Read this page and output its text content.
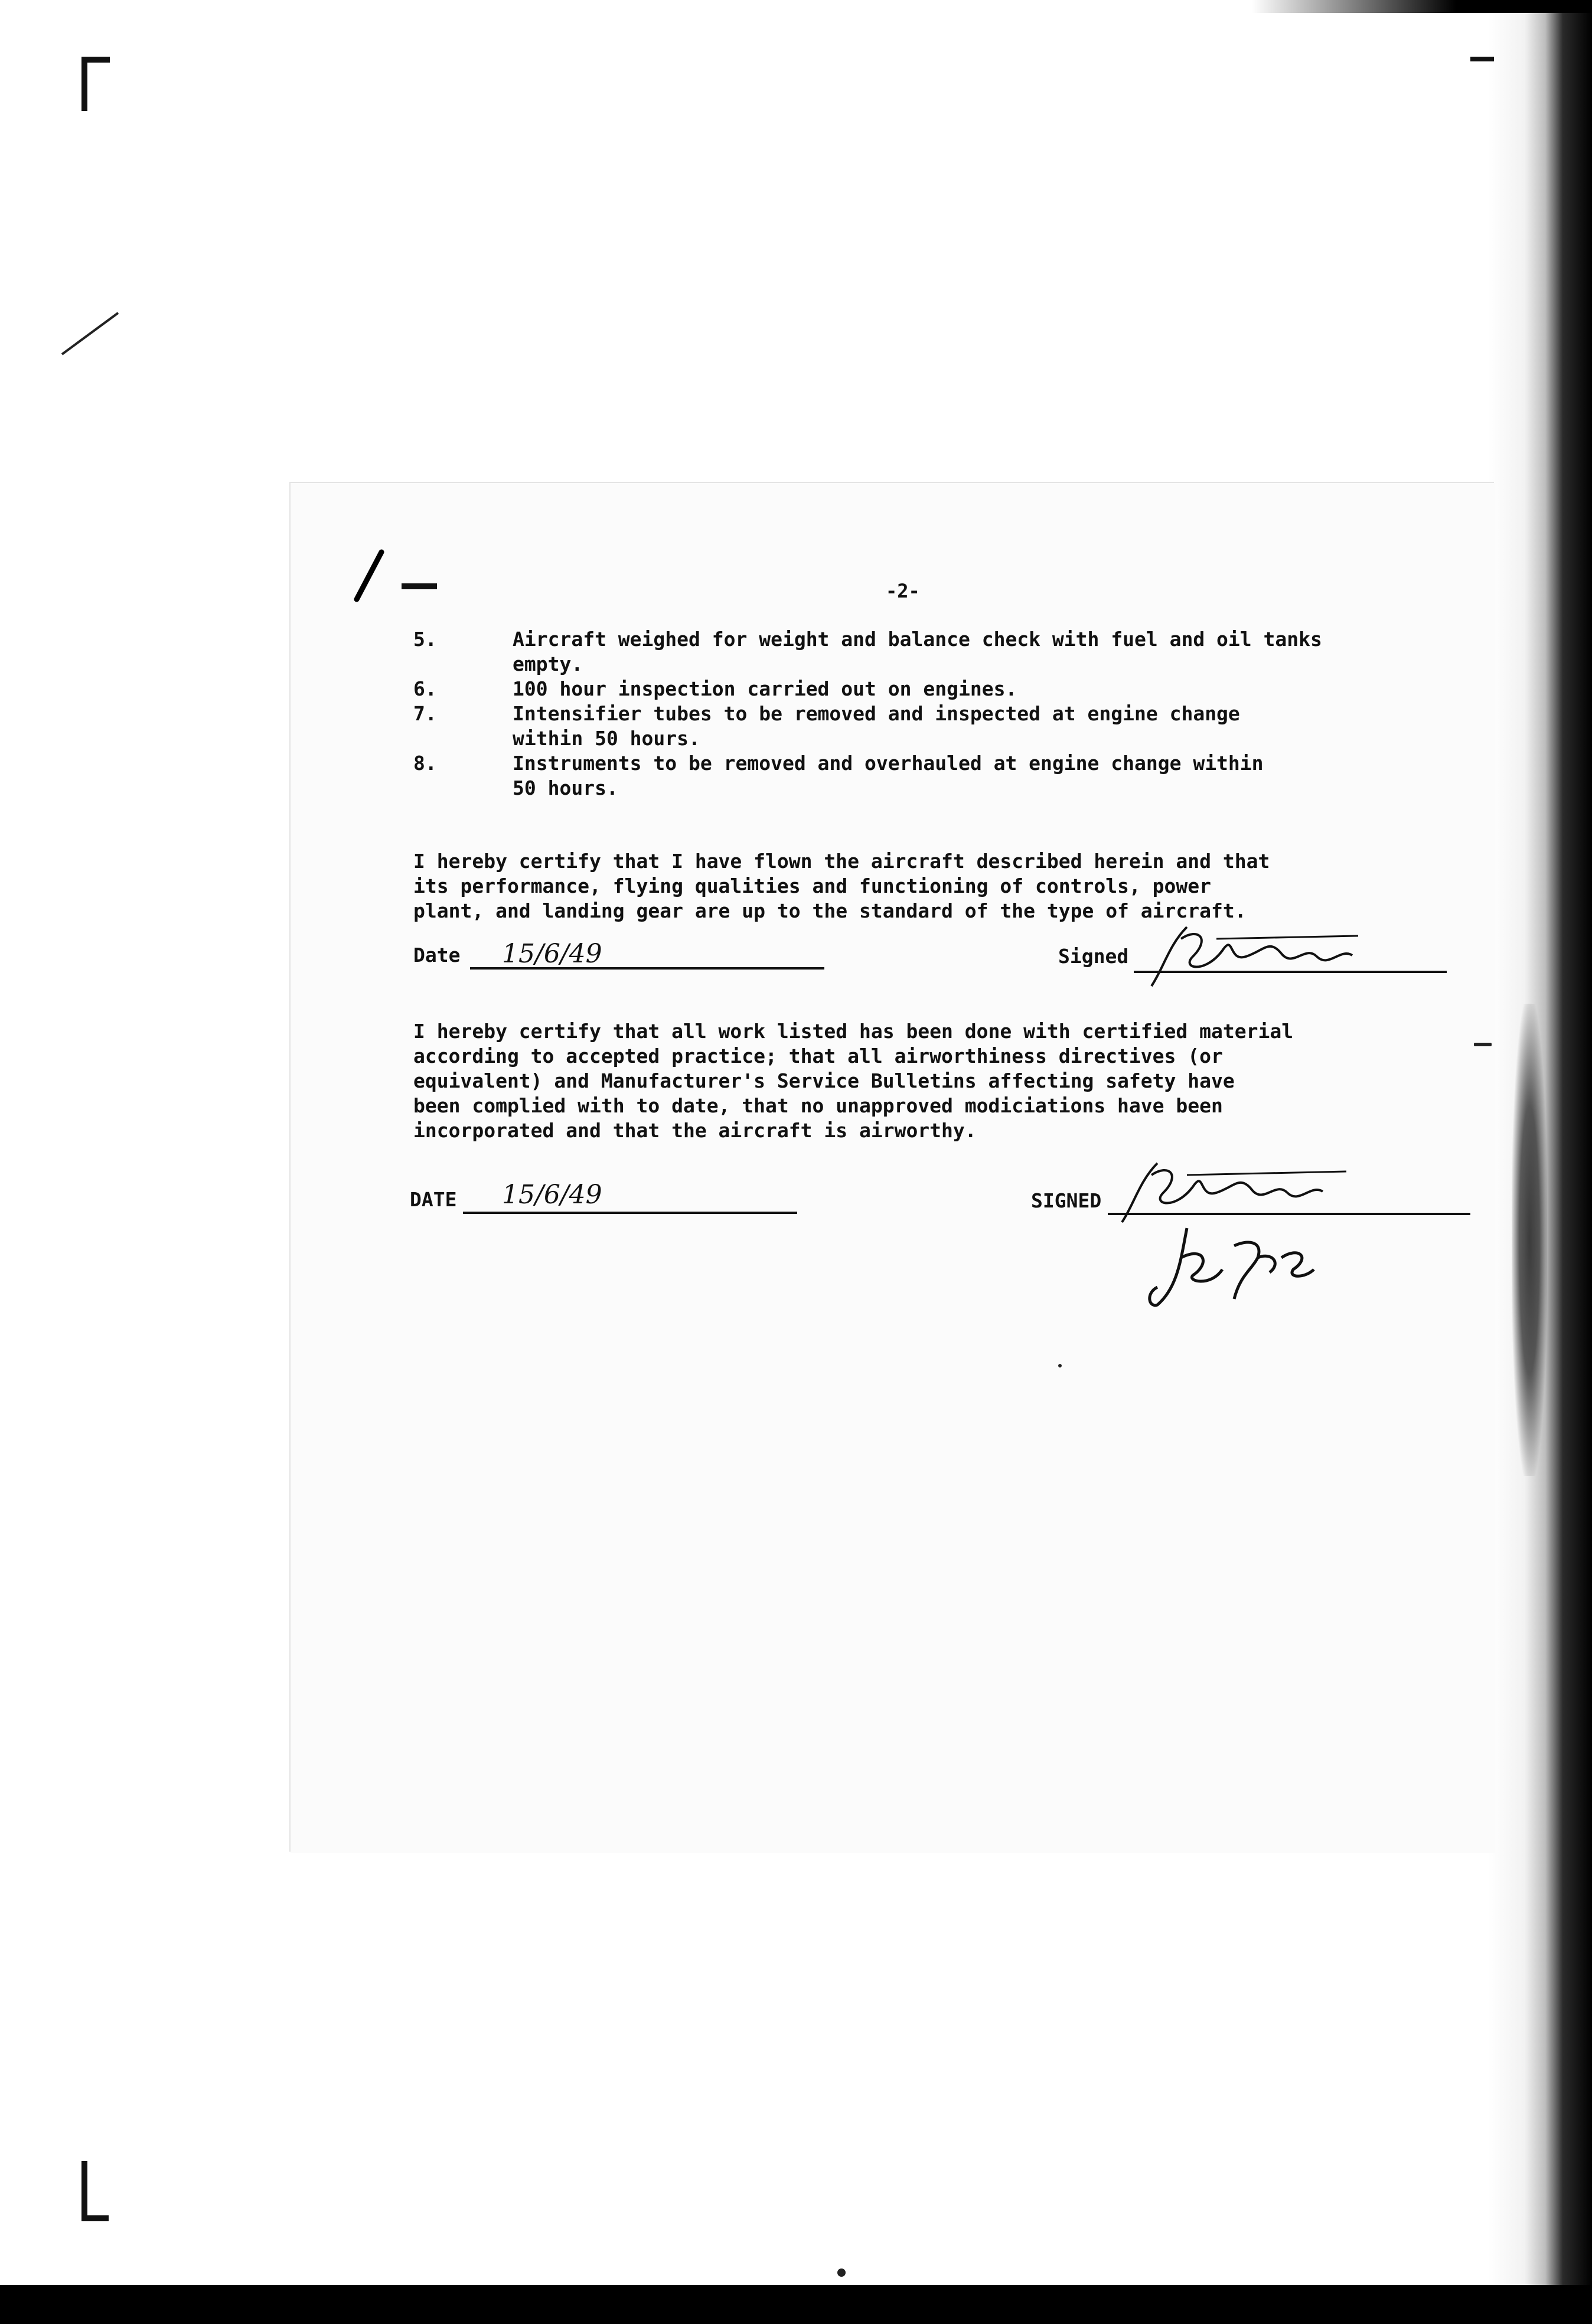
-2-
5.	Aircraft weighed for weight and balance check with fuel and oil tanks
empty.
6.	100 hour inspection carried out on engines.
7.	Intensifier tubes to be removed and inspected at engine change
within 50 hours.
8.	Instruments to be removed and overhauled at engine change within
50 hours.
I hereby certify that I have flown the aircraft described herein and that
its performance, flying qualities and functioning of controls, power
plant, and landing gear are up to the standard of the type of aircraft.
Date 15/6/49	Signed
I hereby certify that all work listed has been done with certified material
according to accepted practice; that all airworthiness directives (or
equivalent) and Manufacturer's Service Bulletins affecting safety have
been complied with to date, that no unapproved modiciations have been
incorporated and that the aircraft is airworthy.
DATE 15/6/49	SIGNED
